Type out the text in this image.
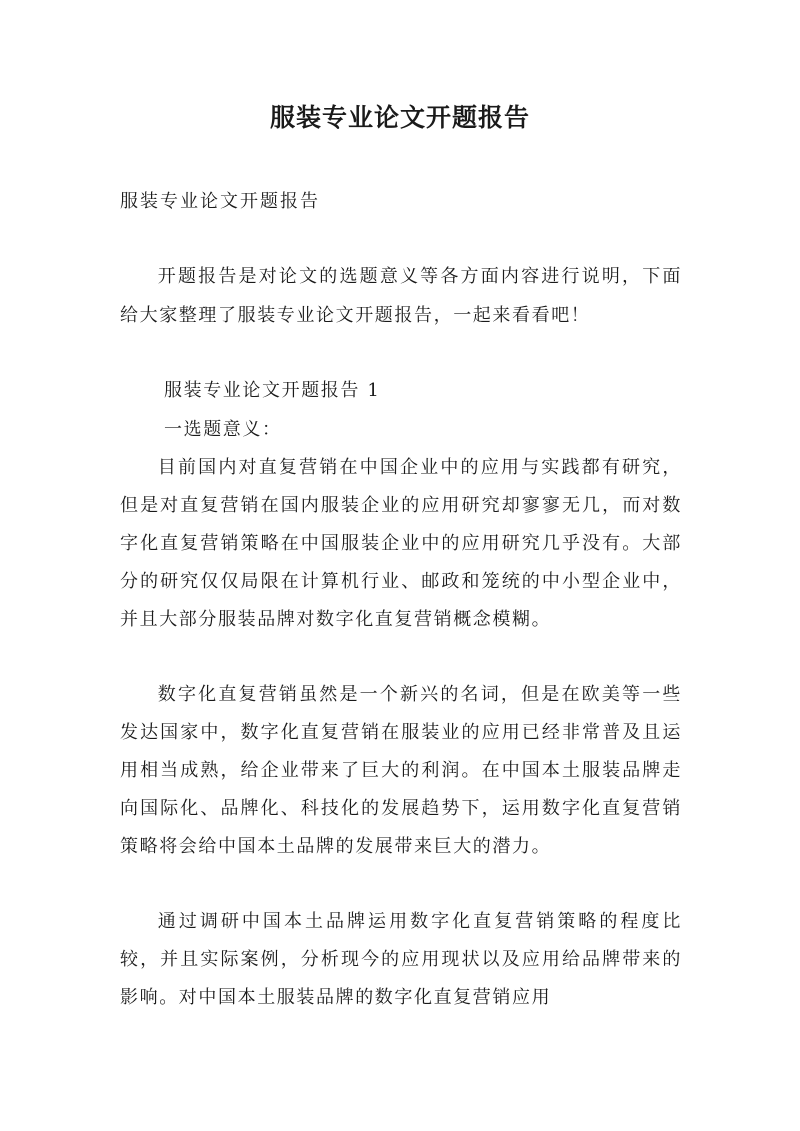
服装专业论文开题报告
服装专业论文开题报告
开题报告是对论文的选题意义等各方面内容进行说明，下面给大家整理了服装专业论文开题报告，一起来看看吧！
服装专业论文开题报告 1
一选题意义：
目前国内对直复营销在中国企业中的应用与实践都有研究，但是对直复营销在国内服装企业的应用研究却寥寥无几，而对数字化直复营销策略在中国服装企业中的应用研究几乎没有。大部分的研究仅仅局限在计算机行业、邮政和笼统的中小型企业中，并且大部分服装品牌对数字化直复营销概念模糊。
数字化直复营销虽然是一个新兴的名词，但是在欧美等一些发达国家中，数字化直复营销在服装业的应用已经非常普及且运用相当成熟，给企业带来了巨大的利润。在中国本土服装品牌走向国际化、品牌化、科技化的发展趋势下，运用数字化直复营销策略将会给中国本土品牌的发展带来巨大的潜力。
通过调研中国本土品牌运用数字化直复营销策略的程度比较，并且实际案例，分析现今的应用现状以及应用给品牌带来的影响。对中国本土服装品牌的数字化直复营销应用
